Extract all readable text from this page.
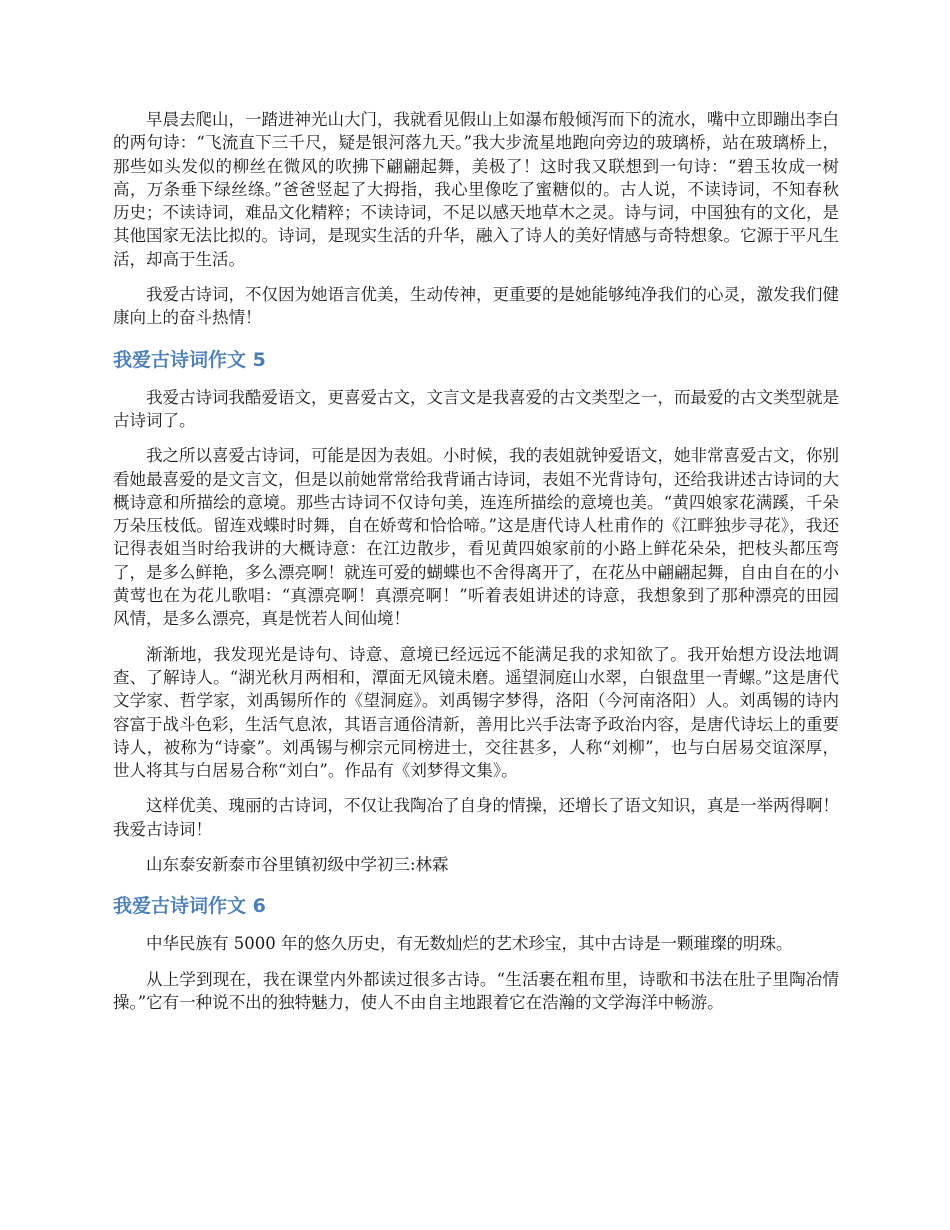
早晨去爬山，一踏进神光山大门，我就看见假山上如瀑布般倾泻而下的流水，嘴中立即蹦出李白的两句诗：“飞流直下三千尺，疑是银河落九天。”我大步流星地跑向旁边的玻璃桥，站在玻璃桥上，那些如头发似的柳丝在微风的吹拂下翩翩起舞，美极了！这时我又联想到一句诗：“碧玉妆成一树高，万条垂下绿丝绦。”爸爸竖起了大拇指，我心里像吃了蜜糖似的。古人说，不读诗词，不知春秋历史；不读诗词，难品文化精粹；不读诗词，不足以感天地草木之灵。诗与词，中国独有的文化，是其他国家无法比拟的。诗词，是现实生活的升华，融入了诗人的美好情感与奇特想象。它源于平凡生活，却高于生活。

我爱古诗词，不仅因为她语言优美，生动传神，更重要的是她能够纯净我们的心灵，激发我们健康向上的奋斗热情！

我爱古诗词作文 5

我爱古诗词我酷爱语文，更喜爱古文，文言文是我喜爱的古文类型之一，而最爱的古文类型就是古诗词了。

我之所以喜爱古诗词，可能是因为表姐。小时候，我的表姐就钟爱语文，她非常喜爱古文，你别看她最喜爱的是文言文，但是以前她常常给我背诵古诗词，表姐不光背诗句，还给我讲述古诗词的大概诗意和所描绘的意境。那些古诗词不仅诗句美，连连所描绘的意境也美。“黄四娘家花满蹊，千朵万朵压枝低。留连戏蝶时时舞，自在娇莺和恰恰啼。”这是唐代诗人杜甫作的《江畔独步寻花》，我还记得表姐当时给我讲的大概诗意：在江边散步，看见黄四娘家前的小路上鲜花朵朵，把枝头都压弯了，是多么鲜艳，多么漂亮啊！就连可爱的蝴蝶也不舍得离开了，在花丛中翩翩起舞，自由自在的小黄莺也在为花儿歌唱：“真漂亮啊！真漂亮啊！”听着表姐讲述的诗意，我想象到了那种漂亮的田园风情，是多么漂亮，真是恍若人间仙境！

渐渐地，我发现光是诗句、诗意、意境已经远远不能满足我的求知欲了。我开始想方设法地调查、了解诗人。“湖光秋月两相和，潭面无风镜未磨。遥望洞庭山水翠，白银盘里一青螺。”这是唐代文学家、哲学家，刘禹锡所作的《望洞庭》。刘禹锡字梦得，洛阳（今河南洛阳）人。刘禹锡的诗内容富于战斗色彩，生活气息浓，其语言通俗清新，善用比兴手法寄予政治内容，是唐代诗坛上的重要诗人，被称为“诗豪”。刘禹锡与柳宗元同榜进士，交往甚多，人称“刘柳”，也与白居易交谊深厚，世人将其与白居易合称“刘白”。作品有《刘梦得文集》。

这样优美、瑰丽的古诗词，不仅让我陶冶了自身的情操，还增长了语文知识，真是一举两得啊！我爱古诗词！

山东泰安新泰市谷里镇初级中学初三:林霖

我爱古诗词作文 6

中华民族有 5000 年的悠久历史，有无数灿烂的艺术珍宝，其中古诗是一颗璀璨的明珠。

从上学到现在，我在课堂内外都读过很多古诗。“生活裹在粗布里，诗歌和书法在肚子里陶冶情操。”它有一种说不出的独特魅力，使人不由自主地跟着它在浩瀚的文学海洋中畅游。
